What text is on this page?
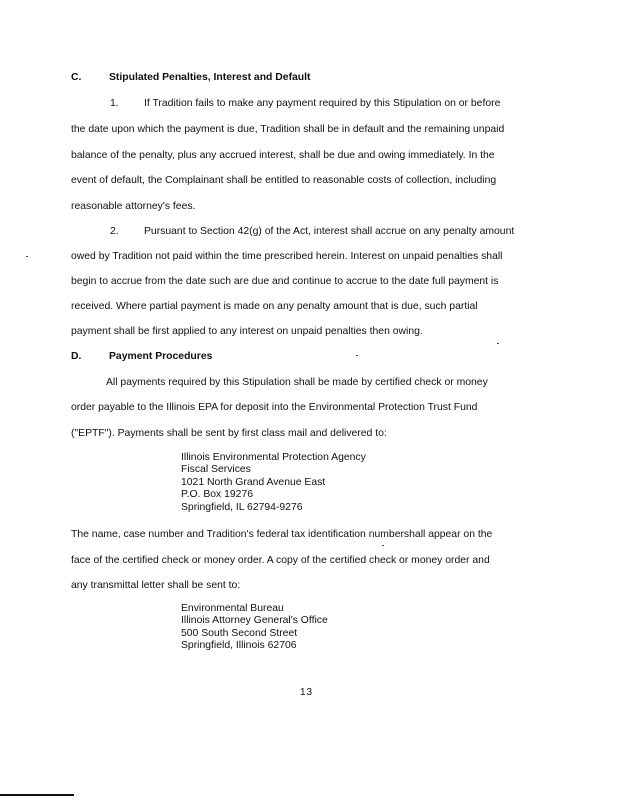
C.	Stipulated Penalties, Interest and Default
1. If Tradition fails to make any payment required by this Stipulation on or before
the date upon which the payment is due, Tradition shall be in default and the remaining unpaid
balance of the penalty, plus any accrued interest, shall be due and owing immediately. In the
event of default, the Complainant shall be entitled to reasonable costs of collection, including
reasonable attorney's fees.
2. Pursuant to Section 42(g) of the Act, interest shall accrue on any penalty amount
owed by Tradition not paid within the time prescribed herein. Interest on unpaid penalties shall
begin to accrue from the date such are due and continue to accrue to the date full payment is
received. Where partial payment is made on any penalty amount that is due, such partial
payment shall be first applied to any interest on unpaid penalties then owing.
D.	Payment Procedures
All payments required by this Stipulation shall be made by certified check or money
order payable to the Illinois EPA for deposit into the Environmental Protection Trust Fund
("EPTF"). Payments shall be sent by first class mail and delivered to:
Illinois Environmental Protection Agency
Fiscal Services
1021 North Grand Avenue East
P.O. Box 19276
Springfield, IL 62794-9276
The name, case number and Tradition's federal tax identification numbershall appear on the
face of the certified check or money order. A copy of the certified check or money order and
any transmittal letter shall be sent to:
Environmental Bureau
Illinois Attorney General's Office
500 South Second Street
Springfield, Illinois 62706
13
